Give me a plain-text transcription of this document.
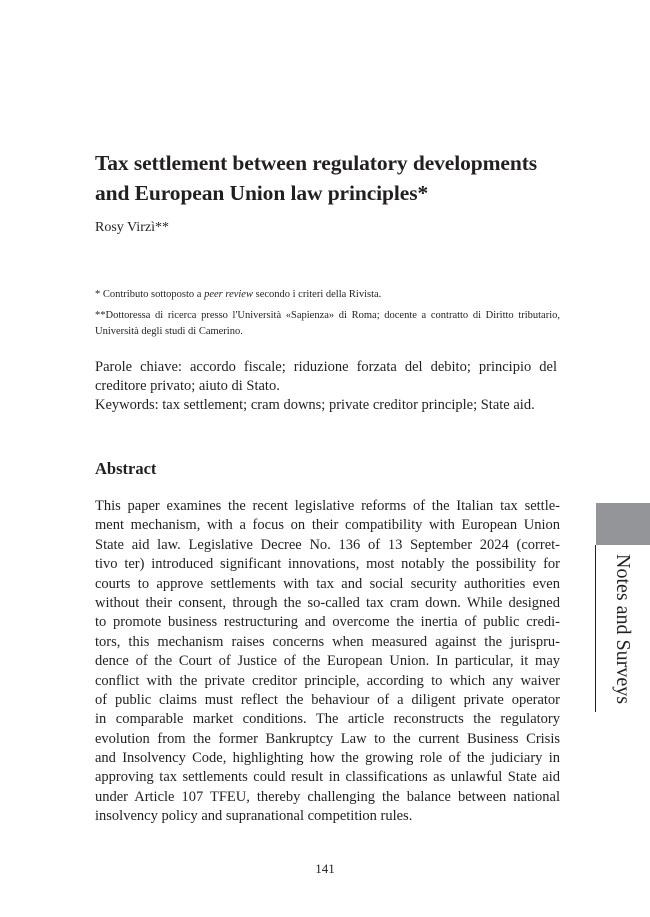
Tax settlement between regulatory developments
and European Union law principles*
Rosy Virzì**

* Contributo sottoposto a peer review secondo i criteri della Rivista.

**Dottoressa di ricerca presso l'Università «Sapienza» di Roma; docente a contratto di Diritto tributario, Università degli studi di Camerino.

Parole chiave: accordo fiscale; riduzione forzata del debito; principio del

creditore privato; aiuto di Stato.

Keywords: tax settlement; cram downs; private creditor principle; State aid.

Abstract
This paper examines the recent legislative reforms of the Italian tax settle-
ment mechanism, with a focus on their compatibility with European Union
State aid law. Legislative Decree No. 136 of 13 September 2024 (corret-
tivo ter) introduced significant innovations, most notably the possibility for
courts to approve settlements with tax and social security authorities even
without their consent, through the so-called tax cram down. While designed
to promote business restructuring and overcome the inertia of public credi-
tors, this mechanism raises concerns when measured against the jurispru-
dence of the Court of Justice of the European Union. In particular, it may
conflict with the private creditor principle, according to which any waiver
of public claims must reflect the behaviour of a diligent private operator
in comparable market conditions. The article reconstructs the regulatory
evolution from the former Bankruptcy Law to the current Business Crisis
and Insolvency Code, highlighting how the growing role of the judiciary in
approving tax settlements could result in classifications as unlawful State aid
under Article 107 TFEU, thereby challenging the balance between national
insolvency policy and supranational competition rules.
Notes and Surveys
141
